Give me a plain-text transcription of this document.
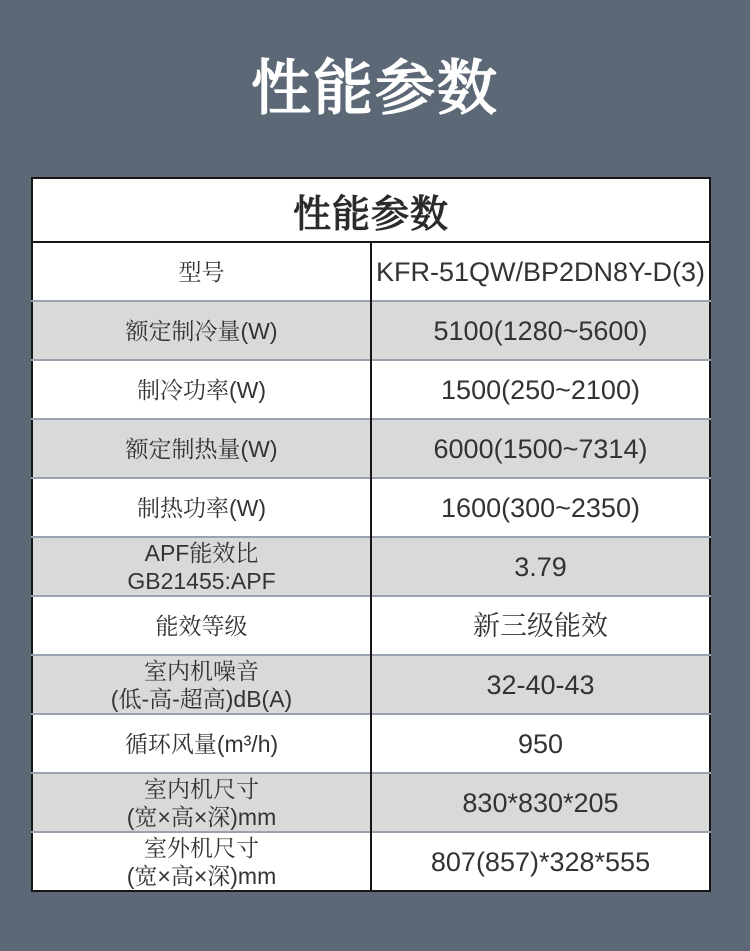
性能参数
性能参数	

型号	KFR-51QW/BP2DN8Y-D(3)

额定制冷量(W)	5100(1280~5600)

制冷功率(W)	1500(250~2100)

额定制热量(W)	6000(1500~7314)

制热功率(W)	1600(300~2350)

APF能效比
GB21455:APF	3.79

能效等级	新三级能效

室内机噪音
(低-高-超高)dB(A)	32-40-43

循环风量(m³/h)	950

室内机尺寸
(宽×高×深)mm	830*830*205

室外机尺寸
(宽×高×深)mm	807(857)*328*555
